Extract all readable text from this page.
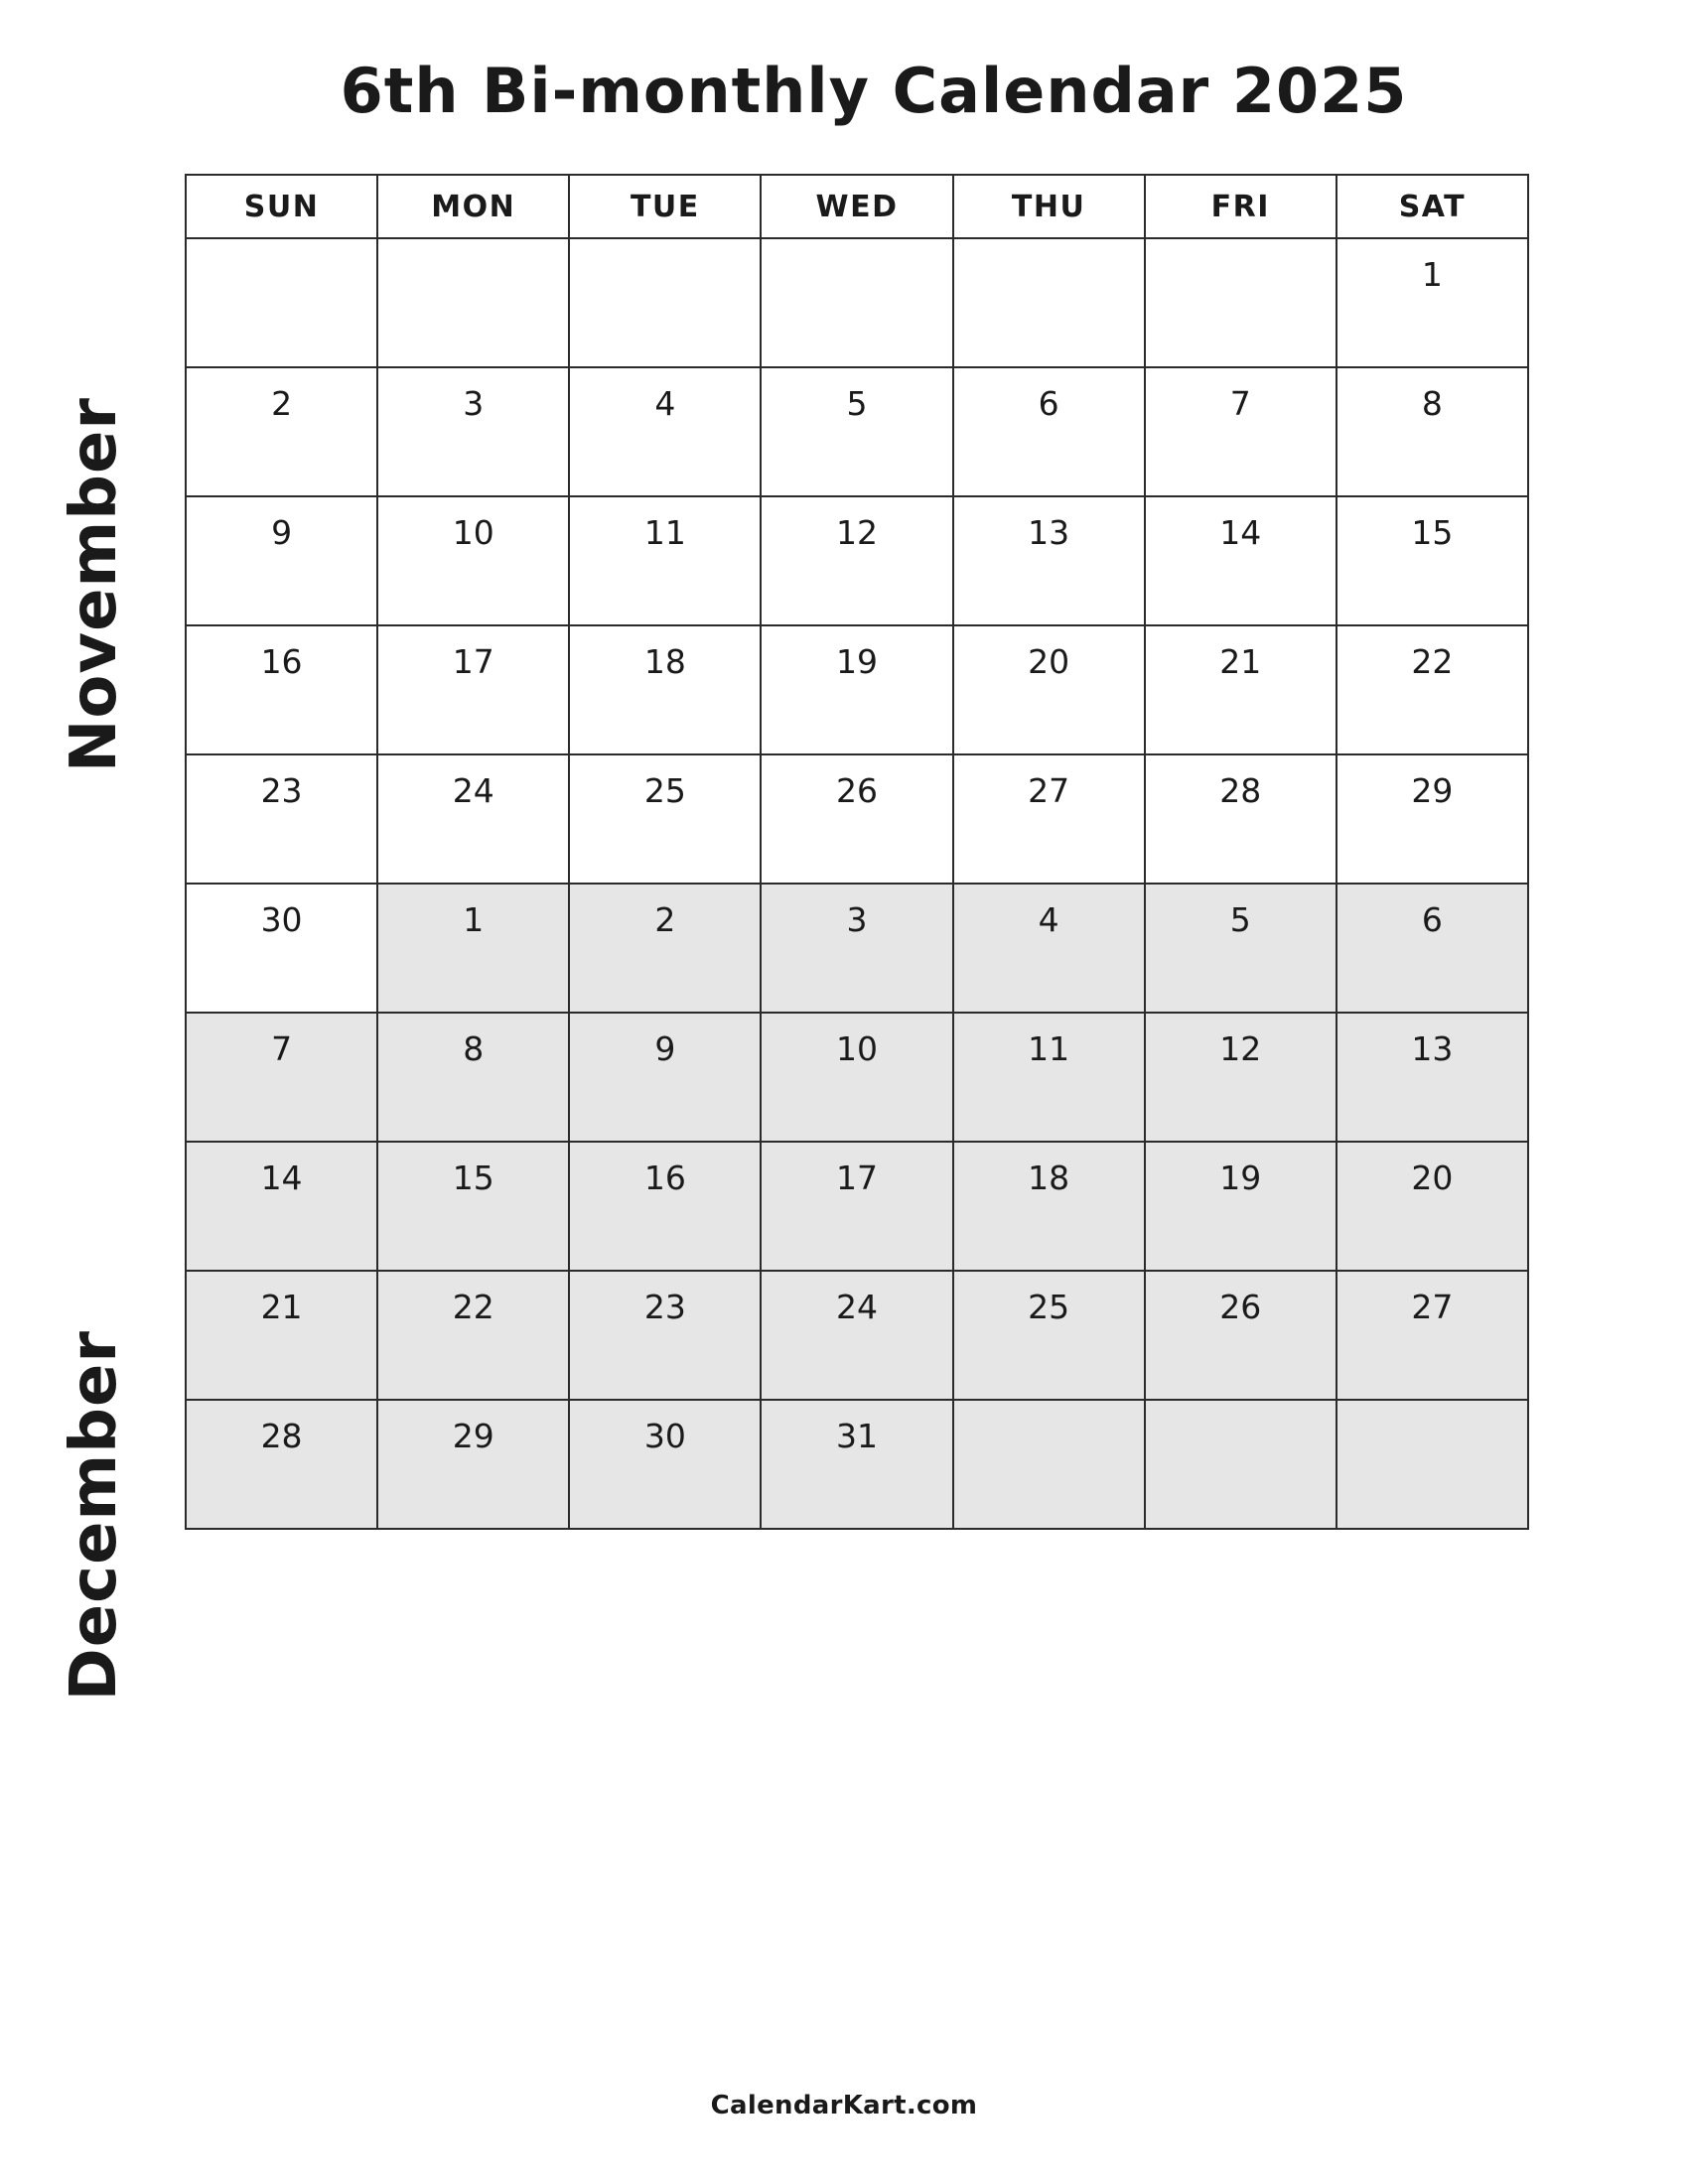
6th Bi-monthly Calendar 2025
November
December
SUN	MON	TUE	WED	THU	FRI	SAT

						1

2	3	4	5	6	7	8

9	10	11	12	13	14	15

16	17	18	19	20	21	22

23	24	25	26	27	28	29

30	1	2	3	4	5	6

7	8	9	10	11	12	13

14	15	16	17	18	19	20

21	22	23	24	25	26	27

28	29	30	31			

CalendarKart.com
